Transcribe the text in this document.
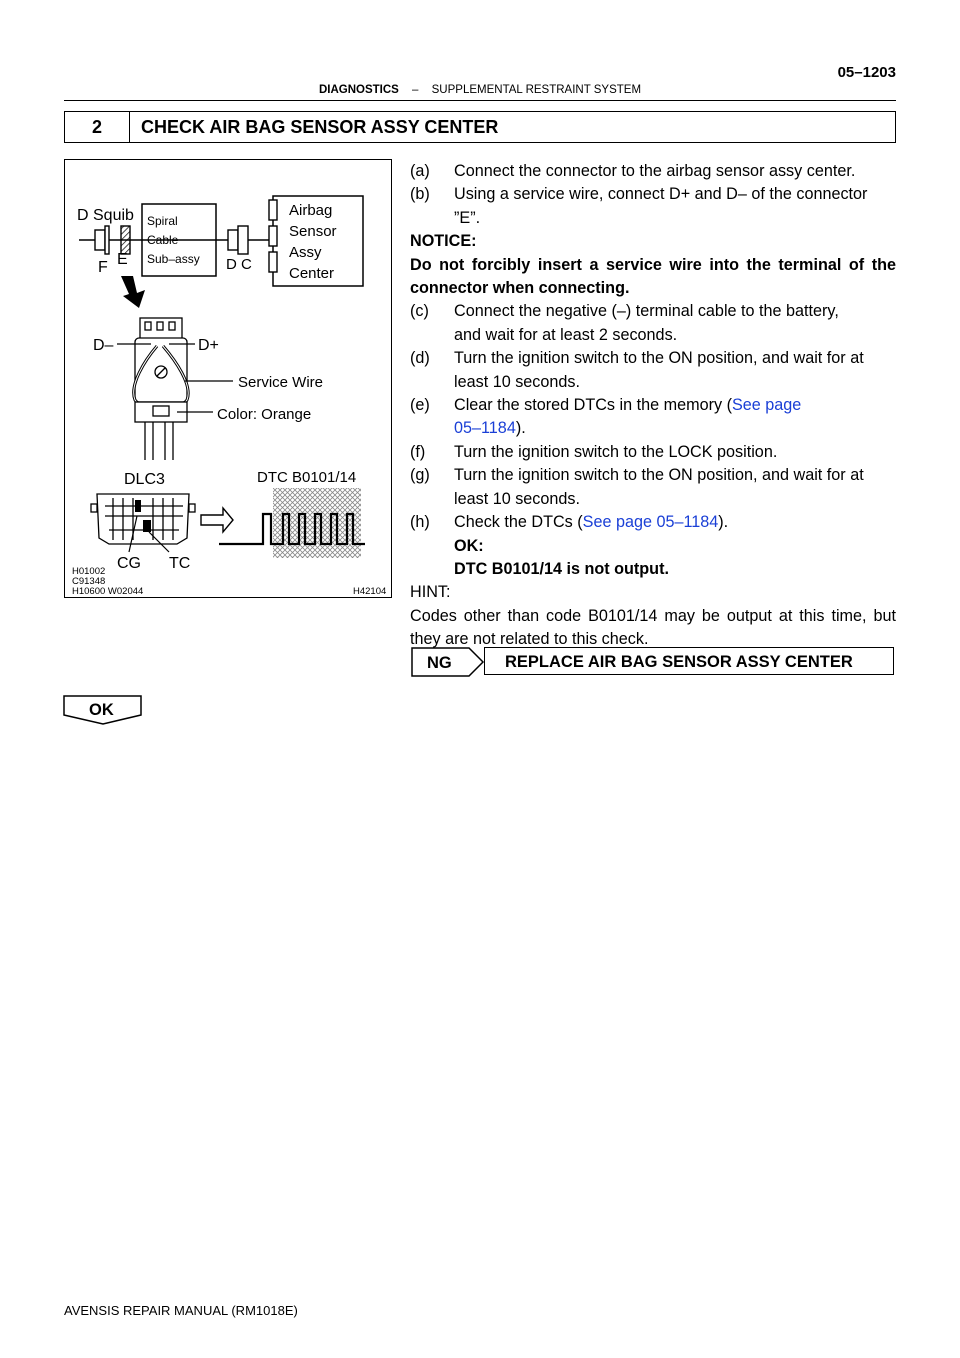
05–1203
DIAGNOSTICS – SUPPLEMENTAL RESTRAINT SYSTEM
2	CHECK AIR BAG SENSOR ASSY CENTER
D Squib Spiral
Cable
Sub–assy
Airbag
Sensor
Assy
Center
F E	D C
D–	D+
Service Wire
Color: Orange
DLC3	DTC B0101/14
CG TC
H01002
C91348
H10600 W02044	H42104
(a)	Connect the connector to the airbag sensor assy center.
(b)	Using a service wire, connect D+ and D– of the connector
”E”.
NOTICE:
Do not forcibly insert a service wire into the terminal of the connector when connecting.
(c)	Connect the negative (–) terminal cable to the battery,
and wait for at least 2 seconds.
(d)	Turn the ignition switch to the ON position, and wait for at
least 10 seconds.
(e)	Clear the stored DTCs in the memory (See page
05–1184).
(f)	Turn the ignition switch to the LOCK position.
(g)	Turn the ignition switch to the ON position, and wait for at
least 10 seconds.
(h)	Check the DTCs (See page 05–1184).
OK:
DTC B0101/14 is not output.
HINT:
Codes other than code B0101/14 may be output at this time, but they are not related to this check.
NG	REPLACE AIR BAG SENSOR ASSY CENTER
OK
AVENSIS REPAIR MANUAL (RM1018E)
